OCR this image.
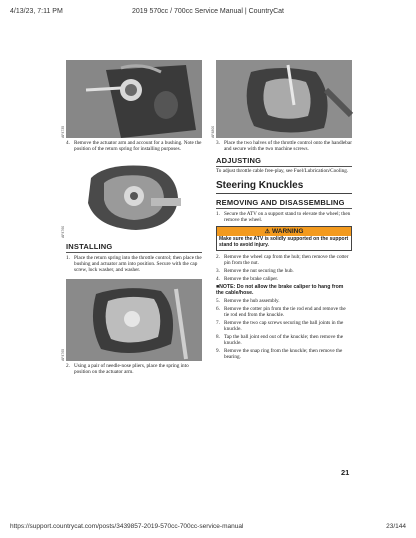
4/13/23, 7:11 PM	2019 570cc / 700cc Service Manual | CountryCat
AF4735
4. Remove the actuator arm and account for a bushing. Note the position of the return spring for installing purposes.
AF4760
INSTALLING
1. Place the return spring into the throttle control; then place the bushing and actuator arm into position. Secure with the cap screw, lock washer, and washer.
AF4765
2. Using a pair of needle-nose pliers, place the spring into position on the actuator arm.
AF4800
3. Place the two halves of the throttle control onto the handlebar and secure with the two machine screws.
ADJUSTING
To adjust throttle cable free-play, see Fuel/Lubrication/Cooling.
Steering Knuckles
REMOVING AND DISASSEMBLING
1. Secure the ATV on a support stand to elevate the wheel; then remove the wheel.
⚠ WARNING
Make sure the ATV is solidly supported on the support stand to avoid injury.
2. Remove the wheel cap from the hub; then remove the cotter pin from the nut.
3. Remove the nut securing the hub.
4. Remove the brake caliper.
■NOTE: Do not allow the brake caliper to hang from the cable/hose.
5. Remove the hub assembly.
6. Remove the cotter pin from the tie rod end and remove the tie rod end from the knuckle.
7. Remove the two cap screws securing the ball joints in the knuckle.
8. Tap the ball joint end out of the knuckle; then remove the knuckle.
9. Remove the snap ring from the knuckle; then remove the bearing.
21
https://support.countrycat.com/posts/3439857-2019-570cc-700cc-service-manual	23/144
